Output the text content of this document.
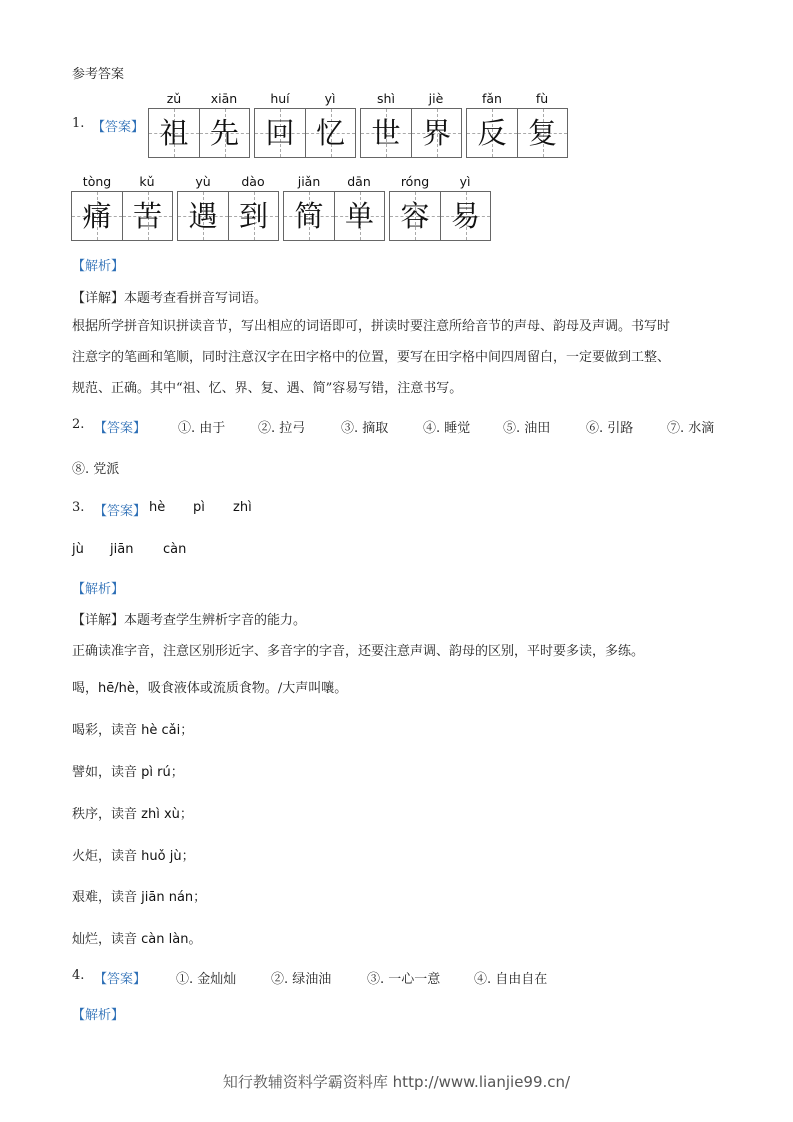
参考答案
1. 【答案】
zǔ	xiān	huí	yì	shì	jiè	fǎn	fù
祖 先 回 忆 世 界 反 复
tòng	kǔ	yù	dào	jiǎn	dān	róng	yì
痛 苦 遇 到 简 单 容 易
【解析】
【详解】本题考查看拼音写词语。
根据所学拼音知识拼读音节，写出相应的词语即可，拼读时要注意所给音节的声母、韵母及声调。书写时
注意字的笔画和笔顺，同时注意汉字在田字格中的位置，要写在田字格中间四周留白，一定要做到工整、
规范、正确。其中“祖、忆、界、复、遇、简”容易写错，注意书写。
2. 【答案】 ①. 由于	②. 拉弓	③. 摘取	④. 睡觉	⑤. 油田	⑥. 引路	⑦. 水滴
⑧. 党派
3. 【答案】 hè pì zhì
jù jiān càn
【解析】
【详解】本题考查学生辨析字音的能力。
正确读准字音，注意区别形近字、多音字的字音，还要注意声调、韵母的区别，平时要多读，多练。
喝，hē/hè，吸食液体或流质食物。/大声叫嚷。
喝彩，读音 hè cǎi；
譬如，读音 pì rú；
秩序，读音 zhì xù；
火炬，读音 huǒ jù；
艰难，读音 jiān nán；
灿烂，读音 càn làn。
4. 【答案】 ①. 金灿灿	②. 绿油油	③. 一心一意	④. 自由自在
【解析】
知行教辅资料学霸资料库 http://www.lianjie99.cn/
